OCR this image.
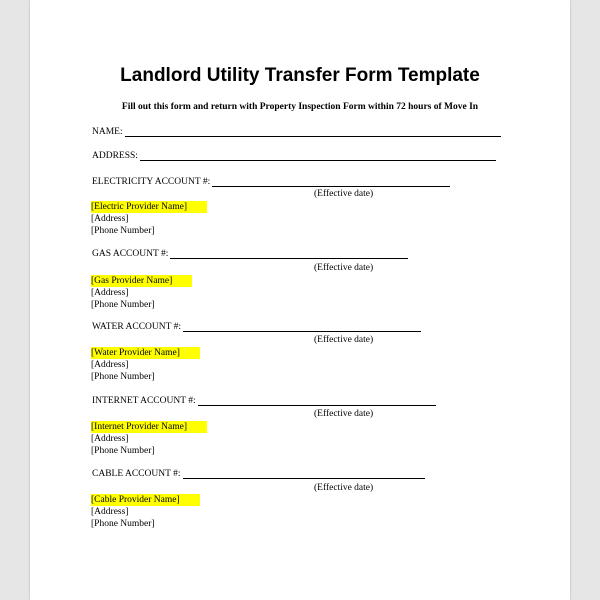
Landlord Utility Transfer Form Template
Fill out this form and return with Property Inspection Form within 72 hours of Move In
NAME:
ADDRESS:
ELECTRICITY ACCOUNT #:
(Effective date)
[Electric Provider Name]
[Address]
[Phone Number]
GAS ACCOUNT #:
(Effective date)
[Gas Provider Name]
[Address]
[Phone Number]
WATER ACCOUNT #:
(Effective date)
[Water Provider Name]
[Address]
[Phone Number]
INTERNET ACCOUNT #:
(Effective date)
[Internet Provider Name]
[Address]
[Phone Number]
CABLE ACCOUNT #:
(Effective date)
[Cable Provider Name]
[Address]
[Phone Number]
